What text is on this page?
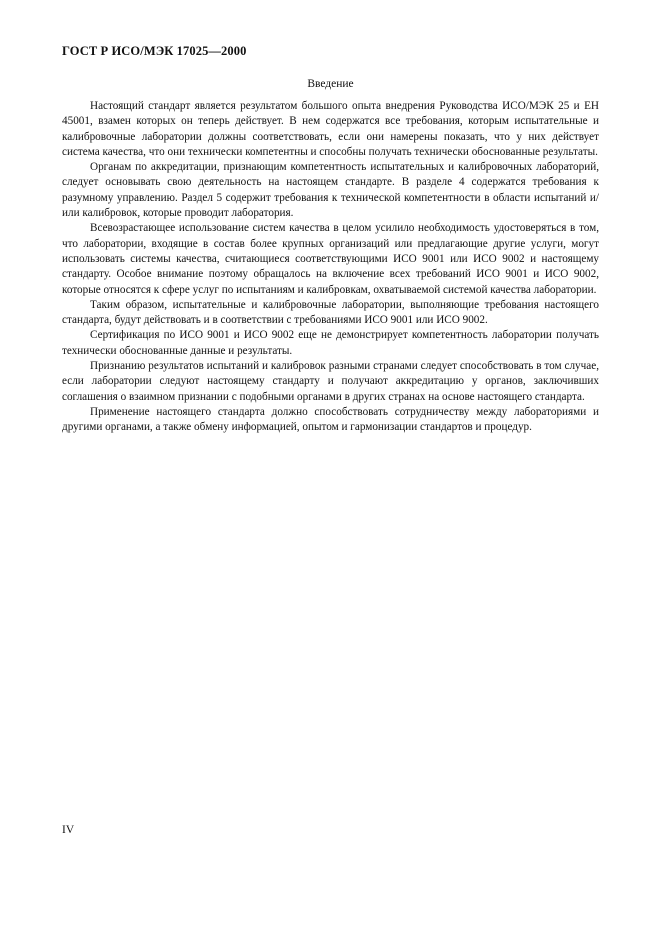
ГОСТ Р ИСО/МЭК 17025—2000
Введение

Настоящий стандарт является результатом большого опыта внедрения Руководства ИСО/МЭК 25 и ЕН 45001, взамен которых он теперь действует. В нем содержатся все требования, которым испытательные и калибровочные лаборатории должны соответствовать, если они намерены показать, что у них действует система качества, что они технически компетентны и способны получать технически обоснованные результаты.

Органам по аккредитации, признающим компетентность испытательных и калибровочных лабораторий, следует основывать свою деятельность на настоящем стандарте. В разделе 4 содержатся требования к разумному управлению. Раздел 5 содержит требования к технической компетентности в области испытаний и/или калибровок, которые проводит лаборатория.

Всевозрастающее использование систем качества в целом усилило необходимость удостоверяться в том, что лаборатории, входящие в состав более крупных организаций или предлагающие другие услуги, могут использовать системы качества, считающиеся соответствующими ИСО 9001 или ИСО 9002 и настоящему стандарту. Особое внимание поэтому обращалось на включение всех требований ИСО 9001 и ИСО 9002, которые относятся к сфере услуг по испытаниям и калибровкам, охватываемой системой качества лаборатории.

Таким образом, испытательные и калибровочные лаборатории, выполняющие требования настоящего стандарта, будут действовать и в соответствии с требованиями ИСО 9001 или ИСО 9002.

Сертификация по ИСО 9001 и ИСО 9002 еще не демонстрирует компетентность лаборатории получать технически обоснованные данные и результаты.

Признанию результатов испытаний и калибровок разными странами следует способствовать в том случае, если лаборатории следуют настоящему стандарту и получают аккредитацию у органов, заключивших соглашения о взаимном признании с подобными органами в других странах на основе настоящего стандарта.

Применение настоящего стандарта должно способствовать сотрудничеству между лабораториями и другими органами, а также обмену информацией, опытом и гармонизации стандартов и процедур.

IV
